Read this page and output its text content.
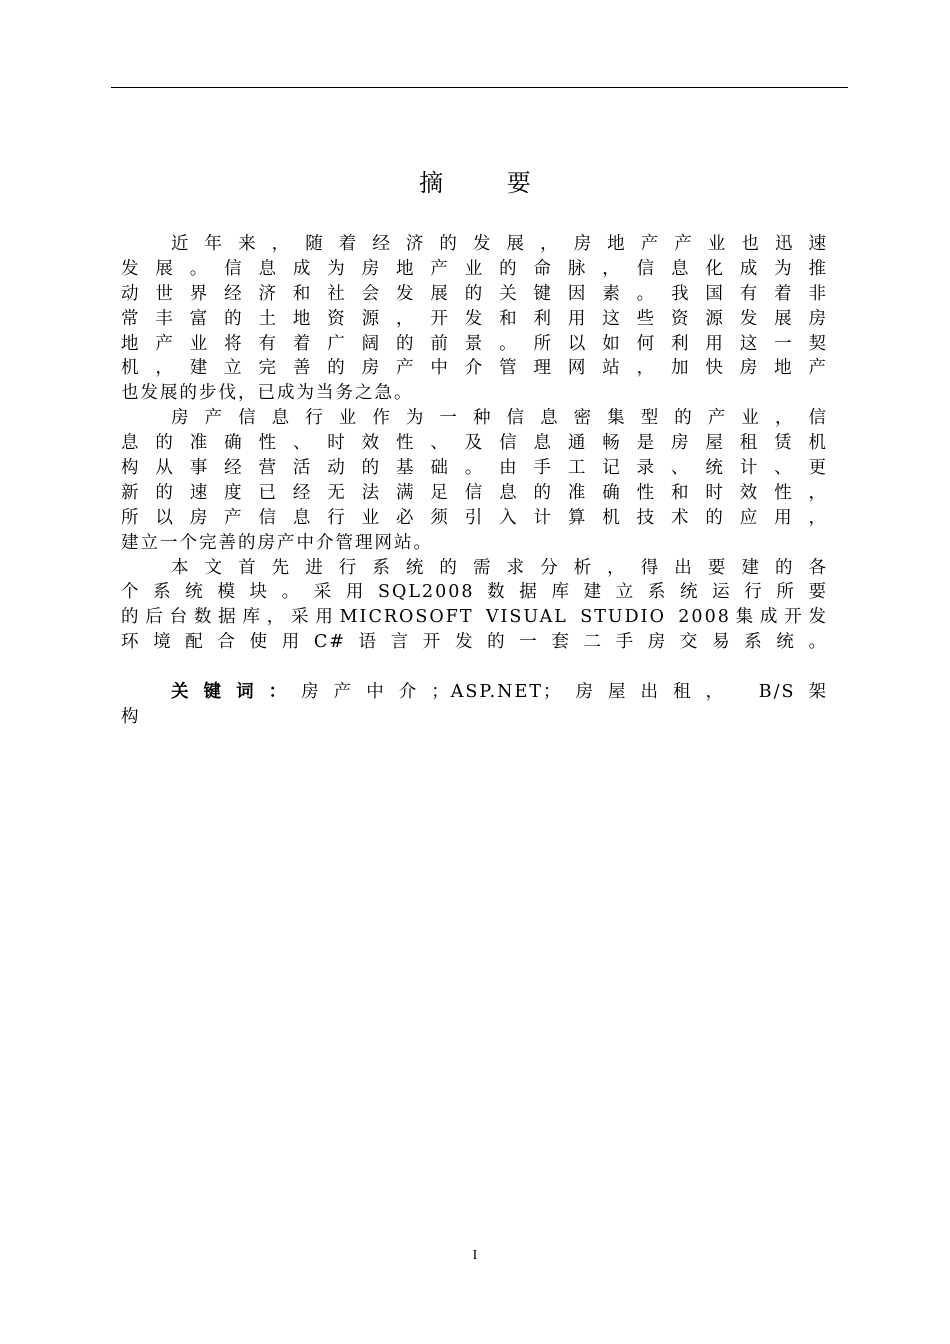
摘 要
近年来，随着经济的发展，房地产产业也迅速
发展。信息成为房地产业的命脉，信息化成为推
动世界经济和社会发展的关键因素。我国有着非
常丰富的土地资源，开发和利用这些资源发展房
地产业将有着广阔的前景。所以如何利用这一契
机，建立完善的房产中介管理网站，加快房地产
也发展的步伐，已成为当务之急。
房产信息行业作为一种信息密集型的产业，信
息的准确性、时效性、及信息通畅是房屋租赁机
构从事经营活动的基础。由手工记录、统计、更
新的速度已经无法满足信息的准确性和时效性，
所以房产信息行业必须引入计算机技术的应用，
建立一个完善的房产中介管理网站。
本文首先进行系统的需求分析，得出要建的各
个系统模块。采用SQL2008数据库建立系统运行所要
的后台数据库，采用MICROSOFT VISUAL STUDIO 2008集成开发
环境配合使用C#语言开发的一套二手房交易系统。
关键词：房产中介；ASP.NET；房屋出租， B/S架
构
I
